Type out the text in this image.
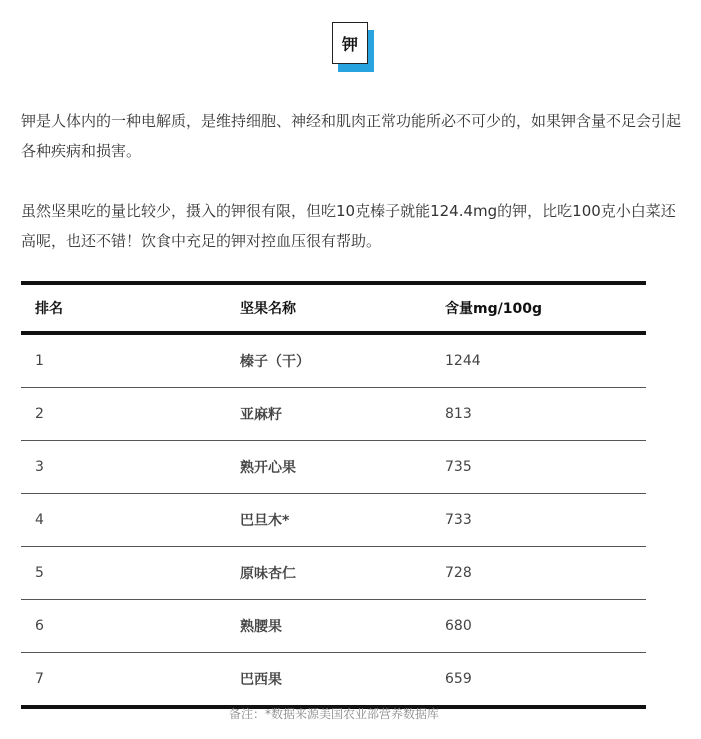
钾

钾是人体内的一种电解质，是维持细胞、神经和肌肉正常功能所必不可少的，如果钾含量不足会引起各种疾病和损害。

虽然坚果吃的量比较少，摄入的钾很有限，但吃10克榛子就能124.4mg的钾，比吃100克小白菜还高呢，也还不错！饮食中充足的钾对控血压很有帮助。

排名	坚果名称	含量mg/100g
1	榛子（干）	1244
2	亚麻籽	813
3	熟开心果	735
4	巴旦木*	733
5	原味杏仁	728
6	熟腰果	680
7	巴西果	659
备注：*数据来源美国农业部营养数据库
